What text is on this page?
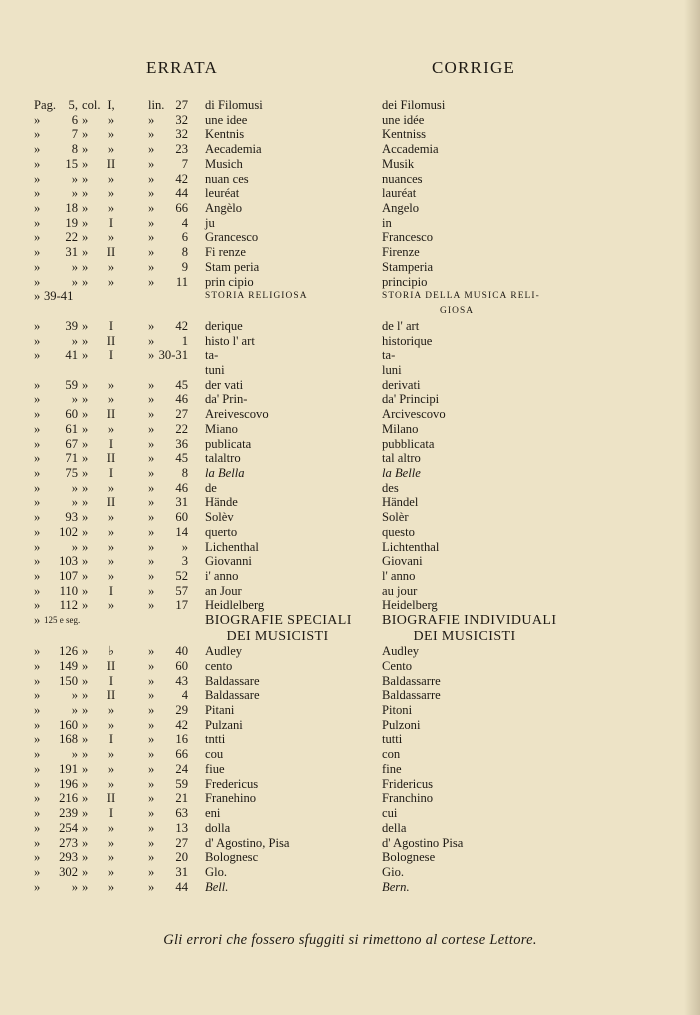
ERRATA	CORRIGE
Pag. 5, col. I,	lin. 27 di Filomusi	dei Filomusi
»	6 »	»	»	32 une idee	une idée
»	7 »	»	»	32 Kentnis	Kentniss
»	8 »	»	»	23 Aecademia	Accademia
»	15 »	II	»	7 Musich	Musik
»	» »	»	»	42 nuan ces	nuances
»	» »	»	»	44 leuréat	lauréat
»	18 »	»	»	66 Angèlo	Angelo
»	19 »	I	»	4 ju	in
»	22 »	»	»	6 Grancesco	Francesco
»	31 »	II	»	8 Fi renze	Firenze
»	» »	»	»	9 Stam peria	Stamperia
»	» »	»	»	11 prin cipio	principio
» 39-41	STORIA RELIGIOSA	STORIA DELLA MUSICA RELI-
GIOSA
»	39 »	I	»	42 derique	de l' art
»	» »	II	»	1 histo l' art	historique
»	41 »	I	» 30-31 ta-	ta-
tuni	luni
»	59 »	»	»	45 der vati	derivati
»	» »	»	»	46 da' Prin-	da' Principi
»	60 »	II	»	27 Areivescovo	Arcivescovo
»	61 »	»	»	22 Miano	Milano
»	67 »	I	»	36 publicata	pubblicata
»	71 »	II	»	45 talaltro	tal altro
»	75 »	I	»	8 la Bella	la Belle
»	» »	»	»	46 de	des
»	» »	II	»	31 Hände	Händel
»	93 »	»	»	60 Solèv	Solèr
»	102 »	»	»	14 querto	questo
»	» »	»	»	» Lichenthal	Lichtenthal
»	103 »	»	»	3 Giovanni	Giovani
»	107 »	»	»	52 i' anno	l' anno
»	110 »	I	»	57 an Jour	au jour
»	112 »	»	»	17 Heidlelberg	Heidelberg
» 125 e seg.	BIOGRAFIE SPECIALI	BIOGRAFIE INDIVIDUALI
DEI MUSICISTI	DEI MUSICISTI
»	126 »	♭	»	40 Audley	Audley
»	149 »	II	»	60 cento	Cento
»	150 »	I	»	43 Baldassare	Baldassarre
»	» »	II	»	4 Baldassare	Baldassarre
»	» »	»	»	29 Pitani	Pitoni
»	160 »	»	»	42 Pulzani	Pulzoni
»	168 »	I	»	16 tntti	tutti
»	» »	»	»	66 cou	con
»	191 »	»	»	24 fiue	fine
»	196 »	»	»	59 Fredericus	Fridericus
»	216 »	II	»	21 Franehino	Franchino
»	239 »	I	»	63 eni	cui
»	254 »	»	»	13 dolla	della
»	273 »	»	»	27 d' Agostino, Pisa	d' Agostino Pisa
»	293 »	»	»	20 Bolognesc	Bolognese
»	302 »	»	»	31 Glo.	Gio.
»	» »	»	»	44 Bell.	Bern.
Gli errori che fossero sfuggiti si rimettono al cortese Lettore.
